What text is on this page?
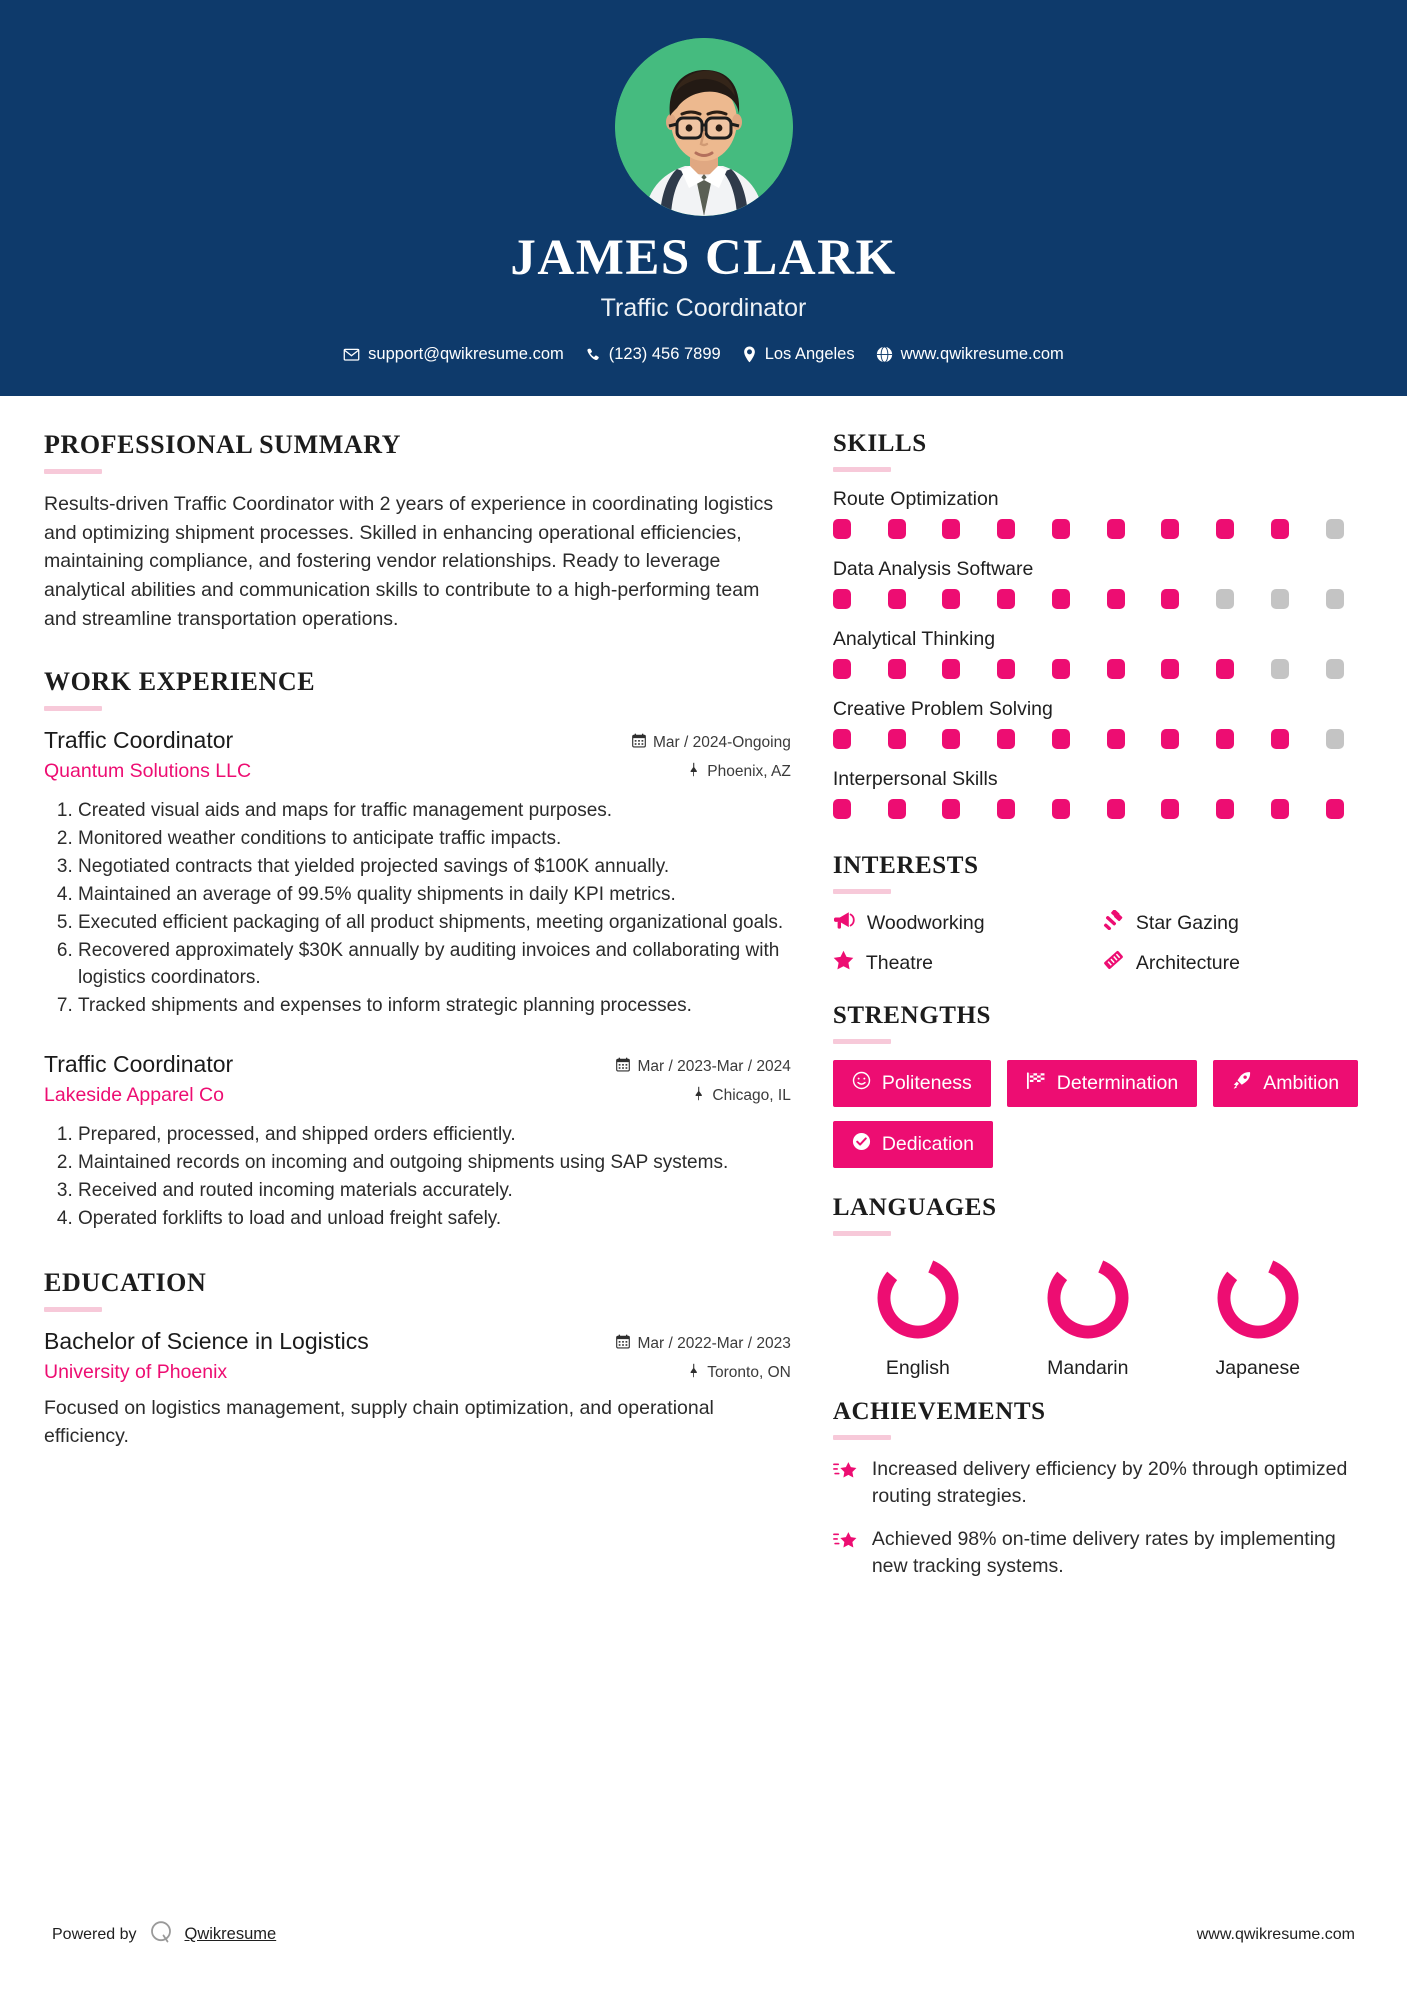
JAMES CLARK
Traffic Coordinator
support@qwikresume.com	(123) 456 7899	Los Angeles	www.qwikresume.com
PROFESSIONAL SUMMARY
Results-driven Traffic Coordinator with 2 years of experience in coordinating logistics and optimizing shipment processes. Skilled in enhancing operational efficiencies, maintaining compliance, and fostering vendor relationships. Ready to leverage analytical abilities and communication skills to contribute to a high-performing team and streamline transportation operations.
WORK EXPERIENCE
Traffic Coordinator	Mar / 2024-Ongoing
Quantum Solutions LLC	Phoenix, AZ
1. Created visual aids and maps for traffic management purposes.
2. Monitored weather conditions to anticipate traffic impacts.
3. Negotiated contracts that yielded projected savings of $100K annually.
4. Maintained an average of 99.5% quality shipments in daily KPI metrics.
5. Executed efficient packaging of all product shipments, meeting organizational goals.
6. Recovered approximately $30K annually by auditing invoices and collaborating with logistics coordinators.
7. Tracked shipments and expenses to inform strategic planning processes.
Traffic Coordinator	Mar / 2023-Mar / 2024
Lakeside Apparel Co	Chicago, IL
1. Prepared, processed, and shipped orders efficiently.
2. Maintained records on incoming and outgoing shipments using SAP systems.
3. Received and routed incoming materials accurately.
4. Operated forklifts to load and unload freight safely.
EDUCATION
Bachelor of Science in Logistics	Mar / 2022-Mar / 2023
University of Phoenix	Toronto, ON
Focused on logistics management, supply chain optimization, and operational efficiency.
SKILLS
Route Optimization
Data Analysis Software
Analytical Thinking
Creative Problem Solving
Interpersonal Skills
INTERESTS
Woodworking	Star Gazing
Theatre	Architecture
STRENGTHS
Politeness	Determination	Ambition
Dedication
LANGUAGES
English	Mandarin	Japanese
ACHIEVEMENTS
Increased delivery efficiency by 20% through optimized routing strategies.
Achieved 98% on-time delivery rates by implementing new tracking systems.
Powered by	Qwikresume	www.qwikresume.com
